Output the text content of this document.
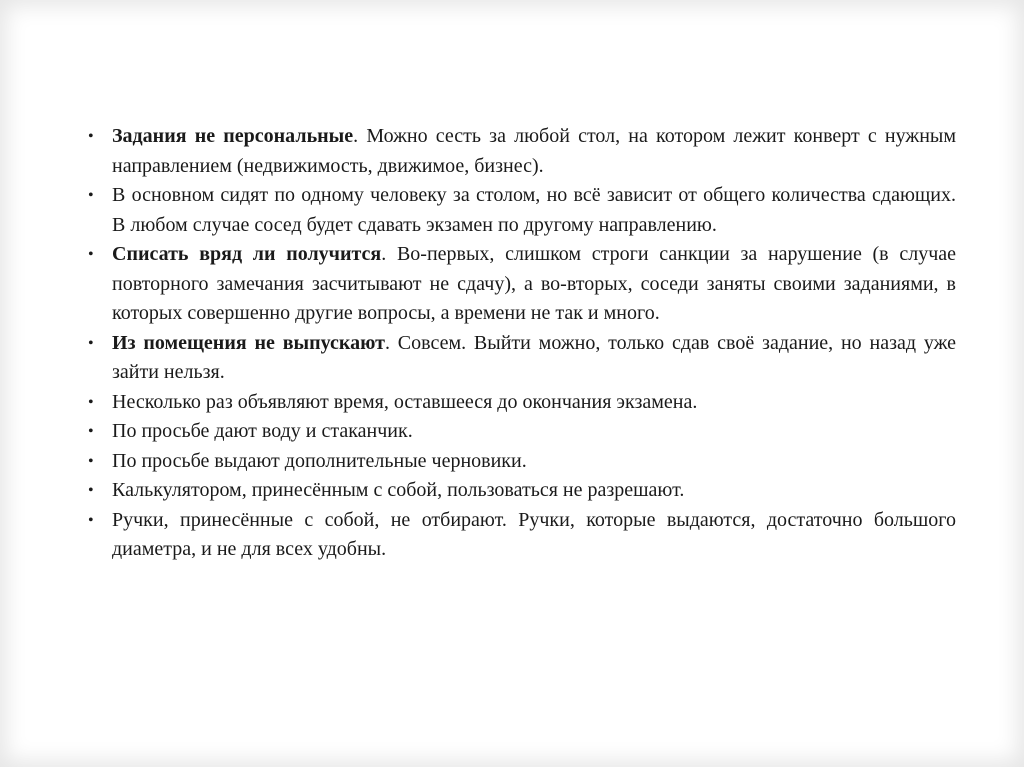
• Задания не персональные. Можно сесть за любой стол, на котором лежит конверт с нужным направлением (недвижимость, движимое, бизнес).
• В основном сидят по одному человеку за столом, но всё зависит от общего количества сдающих. В любом случае сосед будет сдавать экзамен по другому направлению.
• Списать вряд ли получится. Во-первых, слишком строги санкции за нарушение (в случае повторного замечания засчитывают не сдачу), а во-вторых, соседи заняты своими заданиями, в которых совершенно другие вопросы, а времени не так и много.
• Из помещения не выпускают. Совсем. Выйти можно, только сдав своё задание, но назад уже зайти нельзя.
• Несколько раз объявляют время, оставшееся до окончания экзамена.
• По просьбе дают воду и стаканчик.
• По просьбе выдают дополнительные черновики.
• Калькулятором, принесённым с собой, пользоваться не разрешают.
• Ручки, принесённые с собой, не отбирают. Ручки, которые выдаются, достаточно большого диаметра, и не для всех удобны.
